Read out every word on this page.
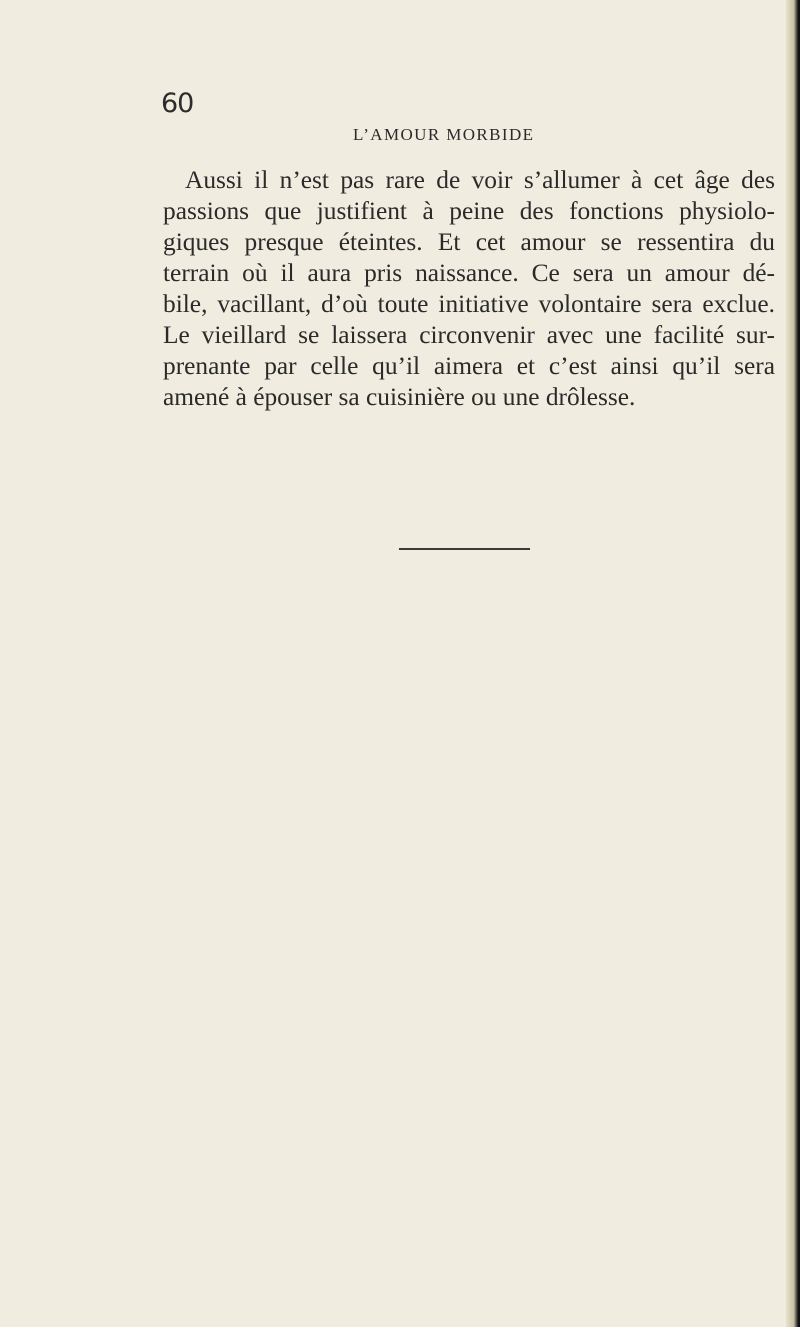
60
L’AMOUR MORBIDE
Aussi il n’est pas rare de voir s’allumer à cet âge des
passions que justifient à peine des fonctions physiolo-
giques presque éteintes. Et cet amour se ressentira du
terrain où il aura pris naissance. Ce sera un amour dé-
bile, vacillant, d’où toute initiative volontaire sera exclue.
Le vieillard se laissera circonvenir avec une facilité sur-
prenante par celle qu’il aimera et c’est ainsi qu’il sera
amené à épouser sa cuisinière ou une drôlesse.
